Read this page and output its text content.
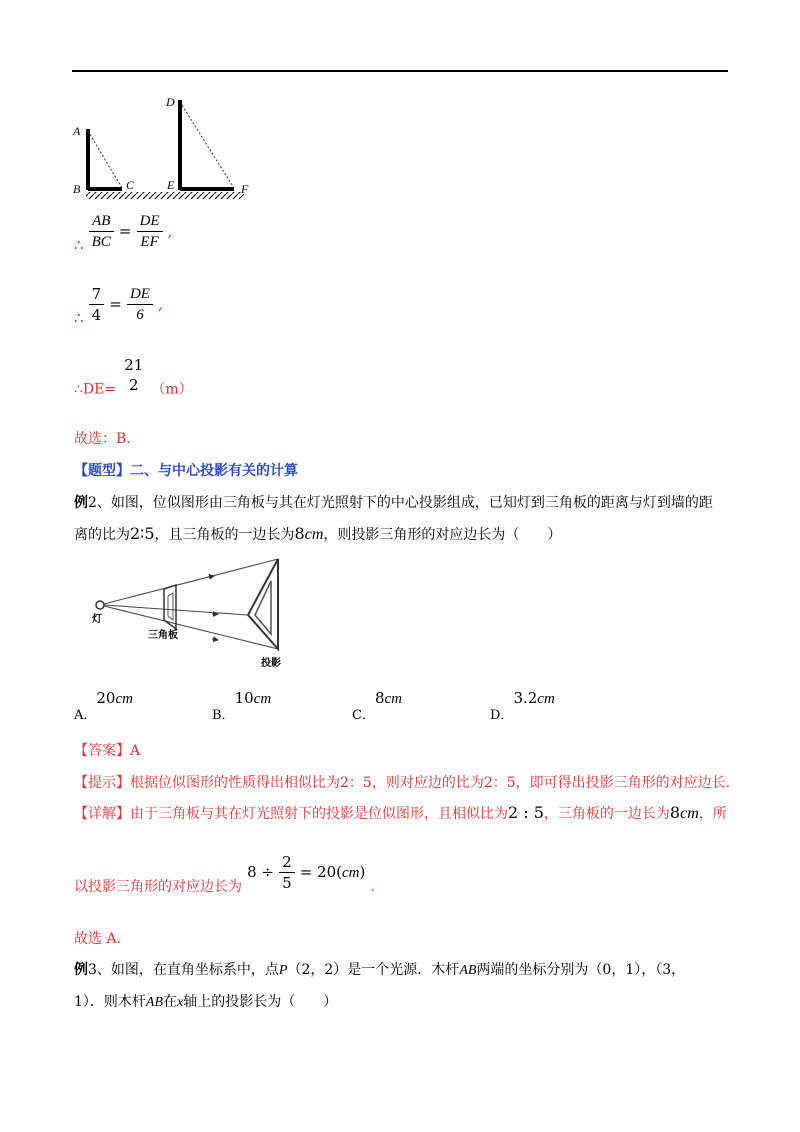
A
B	C
D
E	F
∴ $\frac{AB}{BC} = \frac{DE}{EF}$ ,
∴ $\frac{7}{4} = \frac{DE}{6}$ ,
∴DE=
21
2 （m）
故选：B．
【题型】二、与中心投影有关的计算
例2、如图，位似图形由三角板与其在灯光照射下的中心投影组成，已知灯到三角板的距离与灯到墙的距
离的比为2∶5，且三角板的一边长为8cm，则投影三角形的对应边长为（　　）
灯
三角板
投影
$_{A.}$20cm
$_{B.}$10cm
$_{C.}$8cm
$_{D.}$3.2cm
【答案】A
【提示】根据位似图形的性质得出相似比为2：5，则对应边的比为2：5，即可得出投影三角形的对应边长.
【详解】由于三角板与其在灯光照射下的投影是位似图形，且相似比为2 : 5，三角板的一边长为8cm，所
以投影三角形的对应边长为 $8 \div \frac{2}{5} = 20(cm)$ .
故选 A.
例3、如图，在直角坐标系中，点P（2，2）是一个光源．木杆AB两端的坐标分别为（0，1），（3，
1）．则木杆AB在x轴上的投影长为（　　）
